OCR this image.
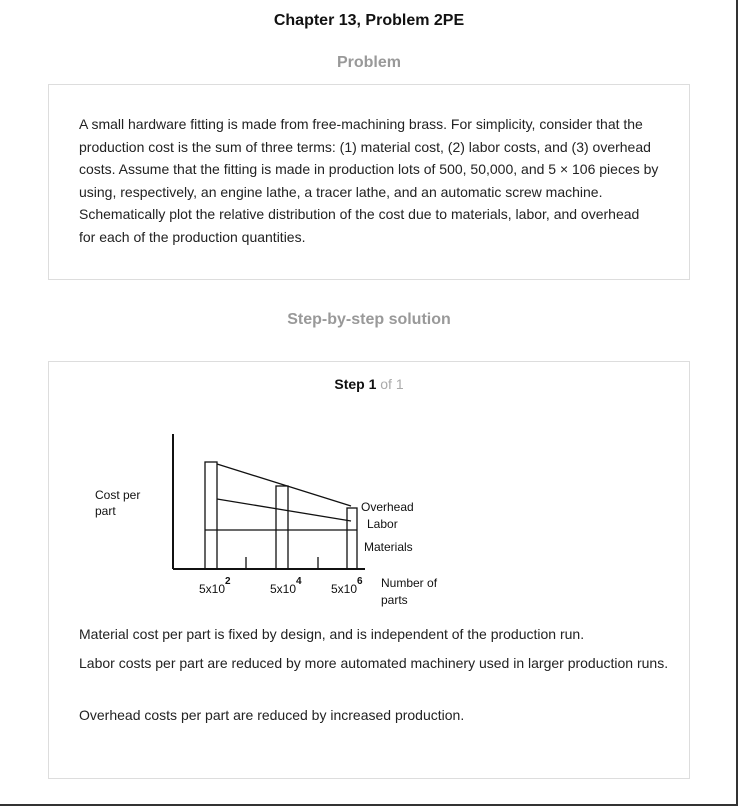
Chapter 13, Problem 2PE
Problem
A small hardware fitting is made from free-machining brass. For simplicity, consider that the production cost is the sum of three terms: (1) material cost, (2) labor costs, and (3) overhead costs. Assume that the fitting is made in production lots of 500, 50,000, and 5 × 106 pieces by using, respectively, an engine lathe, a tracer lathe, and an automatic screw machine. Schematically plot the relative distribution of the cost due to materials, labor, and overhead for each of the production quantities.
Step-by-step solution
Step 1 of 1
Cost per
part	Overhead
Labor
Materials
$5x10^2$
$5x10^4$
$5x10^6$ Number of
parts

Material cost per part is fixed by design, and is independent of the production run.

Labor costs per part are reduced by more automated machinery used in larger production runs.

Overhead costs per part are reduced by increased production.
